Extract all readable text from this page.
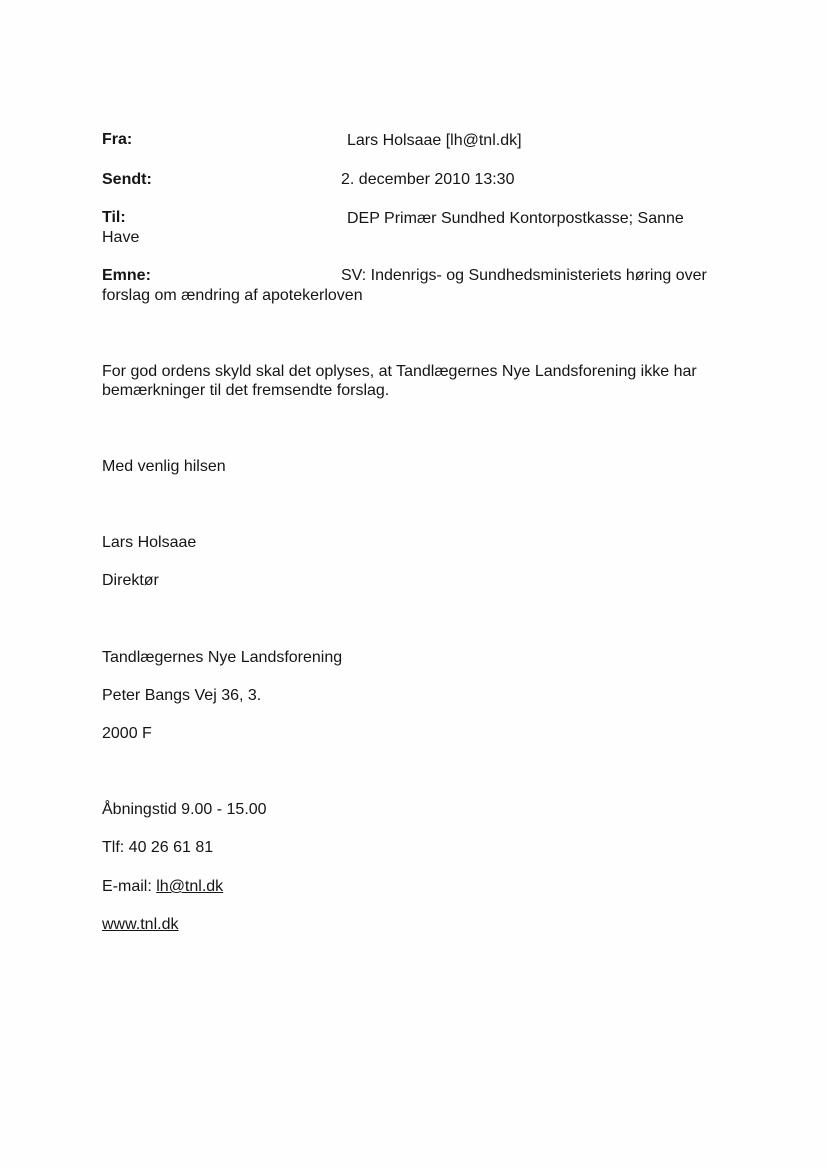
Fra:	Lars Holsaae [lh@tnl.dk]
Sendt:	2. december 2010 13:30
Til:	DEP Primær Sundhed Kontorpostkasse; Sanne
Have
Emne:	SV: Indenrigs- og Sundhedsministeriets høring over
forslag om ændring af apotekerloven
For god ordens skyld skal det oplyses, at Tandlægernes Nye Landsforening ikke har
bemærkninger til det fremsendte forslag.
Med venlig hilsen
Lars Holsaae
Direktør
Tandlægernes Nye Landsforening
Peter Bangs Vej 36, 3.
2000 F
Åbningstid 9.00 - 15.00
Tlf: 40 26 61 81
E-mail: lh@tnl.dk
www.tnl.dk
